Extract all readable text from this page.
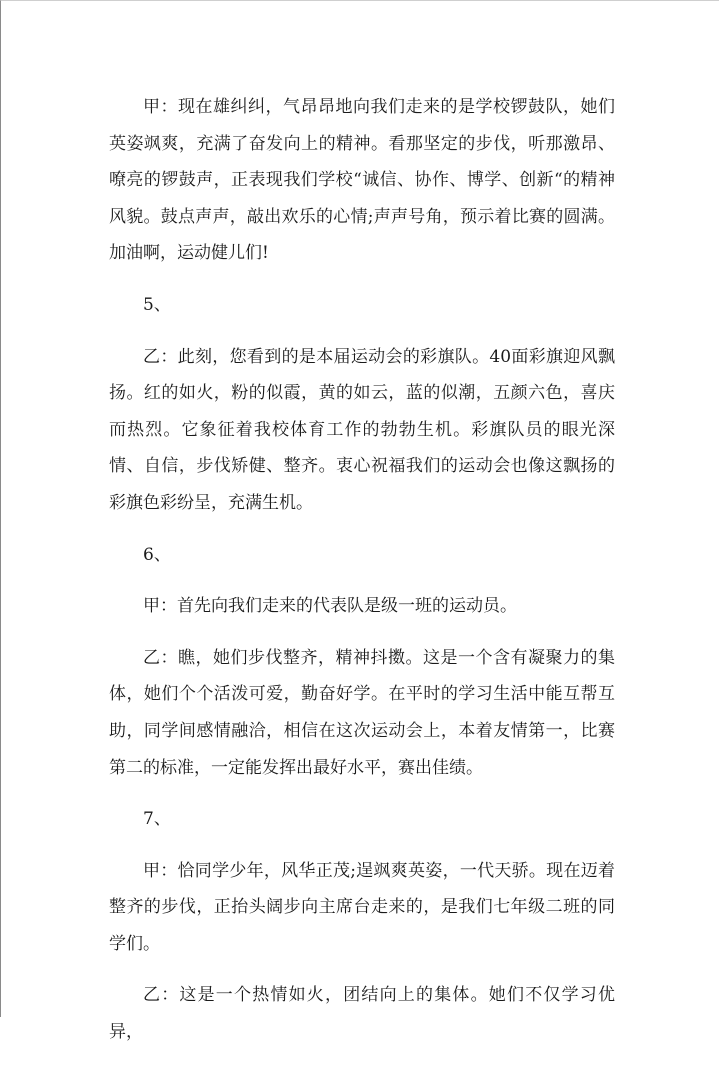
甲：现在雄纠纠，气昂昂地向我们走来的是学校锣鼓队，她们英姿飒爽，充满了奋发向上的精神。看那坚定的步伐，听那激昂、嘹亮的锣鼓声，正表现我们学校“诚信、协作、博学、创新“的精神风貌。鼓点声声，敲出欢乐的心情;声声号角，预示着比赛的圆满。加油啊，运动健儿们!

5、

乙：此刻，您看到的是本届运动会的彩旗队。40面彩旗迎风飘扬。红的如火，粉的似霞，黄的如云，蓝的似潮，五颜六色，喜庆而热烈。它象征着我校体育工作的勃勃生机。彩旗队员的眼光深情、自信，步伐矫健、整齐。衷心祝福我们的运动会也像这飘扬的彩旗色彩纷呈，充满生机。

6、

甲：首先向我们走来的代表队是级一班的运动员。

乙：瞧，她们步伐整齐，精神抖擞。这是一个含有凝聚力的集体，她们个个活泼可爱，勤奋好学。在平时的学习生活中能互帮互助，同学间感情融洽，相信在这次运动会上，本着友情第一，比赛第二的标准，一定能发挥出最好水平，赛出佳绩。

7、

甲：恰同学少年，风华正茂;逞飒爽英姿，一代天骄。现在迈着整齐的步伐，正抬头阔步向主席台走来的，是我们七年级二班的同学们。

乙：这是一个热情如火，团结向上的集体。她们不仅学习优异，
